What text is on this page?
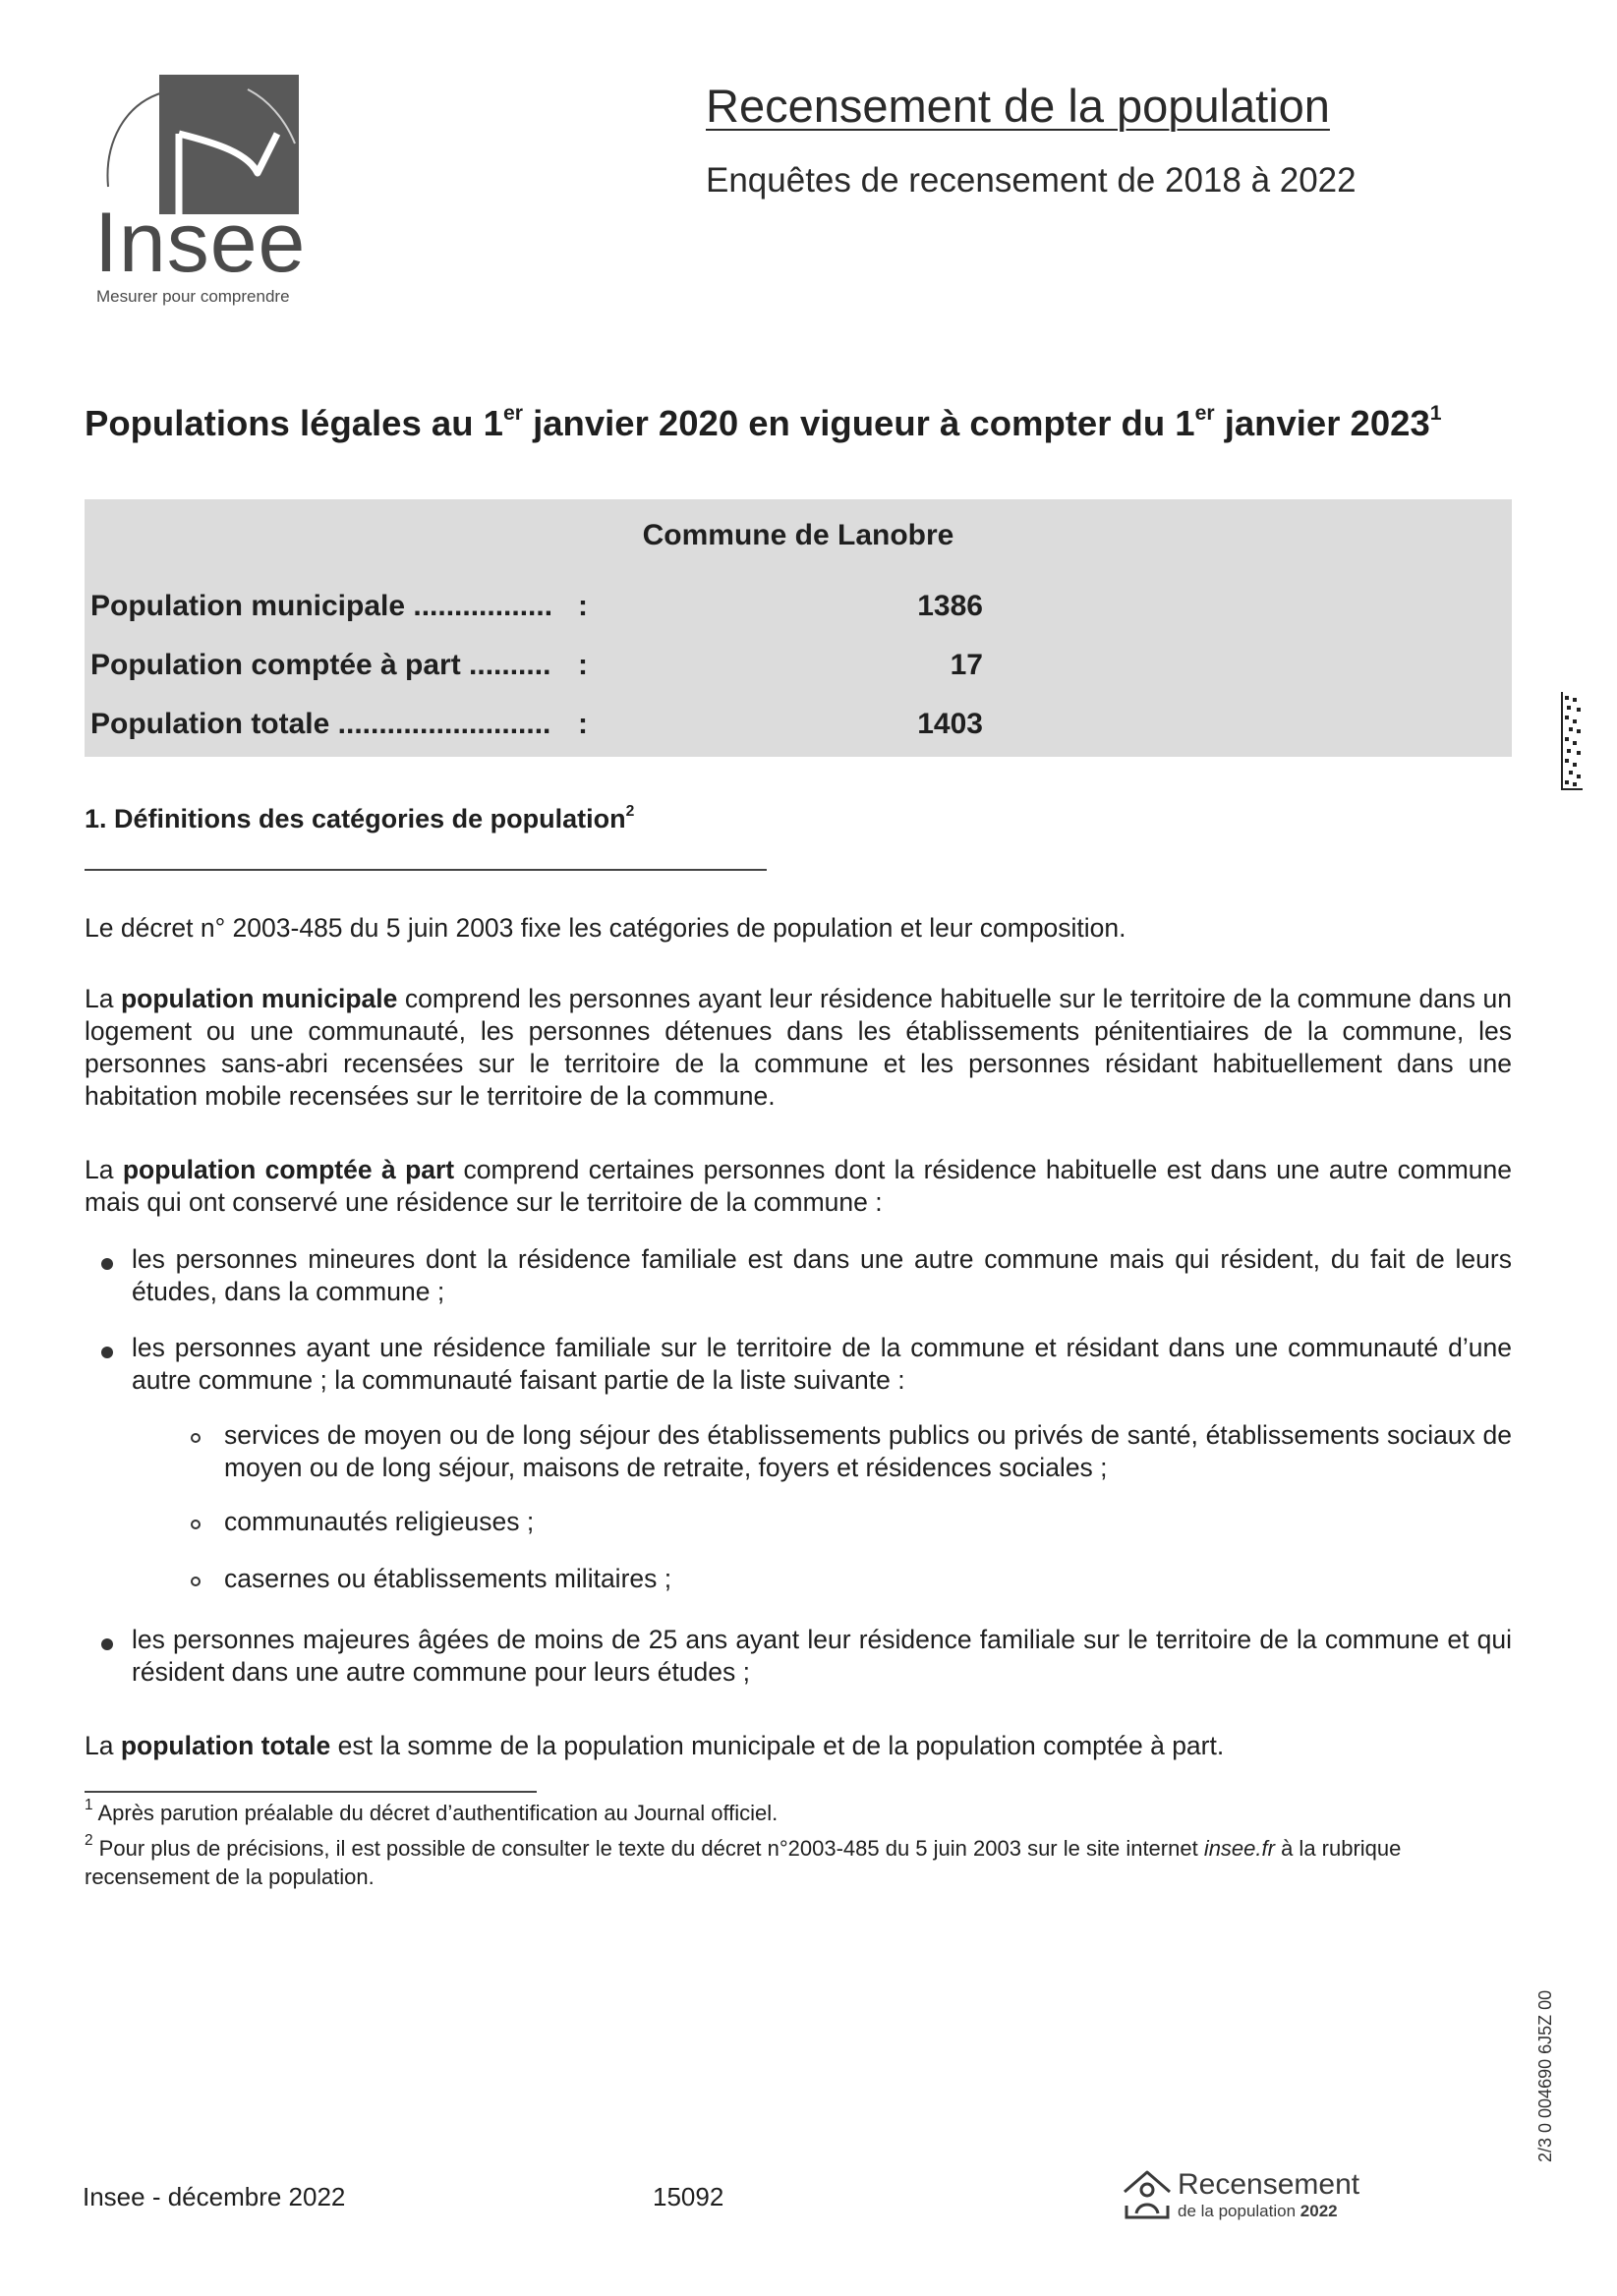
Insee
Mesurer pour comprendre
Recensement de la population
Enquêtes de recensement de 2018 à 2022
Populations légales au 1er janvier 2020 en vigueur à compter du 1er janvier 2023$^1$
Commune de Lanobre
Population municipale ................. :	1386
Population comptée à part .......... :	17
Population totale .......................... :	1403
1. Définitions des catégories de population$^2$
Le décret n° 2003-485 du 5 juin 2003 fixe les catégories de population et leur composition.
La population municipale comprend les personnes ayant leur résidence habituelle sur le territoire de la commune dans un logement ou une communauté, les personnes détenues dans les établissements pénitentiaires de la commune, les personnes sans-abri recensées sur le territoire de la commune et les personnes résidant habituellement dans une habitation mobile recensées sur le territoire de la commune.
La population comptée à part comprend certaines personnes dont la résidence habituelle est dans une autre commune mais qui ont conservé une résidence sur le territoire de la commune :
les personnes mineures dont la résidence familiale est dans une autre commune mais qui résident, du fait de leurs études, dans la commune ;
les personnes ayant une résidence familiale sur le territoire de la commune et résidant dans une communauté d’une autre commune ; la communauté faisant partie de la liste suivante :
services de moyen ou de long séjour des établissements publics ou privés de santé, établissements sociaux de moyen ou de long séjour, maisons de retraite, foyers et résidences sociales ;
communautés religieuses ;
casernes ou établissements militaires ;
les personnes majeures âgées de moins de 25 ans ayant leur résidence familiale sur le territoire de la commune et qui résident dans une autre commune pour leurs études ;
La population totale est la somme de la population municipale et de la population comptée à part.
$^1$ Après parution préalable du décret d’authentification au Journal officiel.
$^2$ Pour plus de précisions, il est possible de consulter le texte du décret n°2003-485 du 5 juin 2003 sur le site internet insee.fr à la rubrique recensement de la population.
Insee - décembre 2022	15092	Recensement
de la population 2022
2/3 0 004690 6J5Z 00
